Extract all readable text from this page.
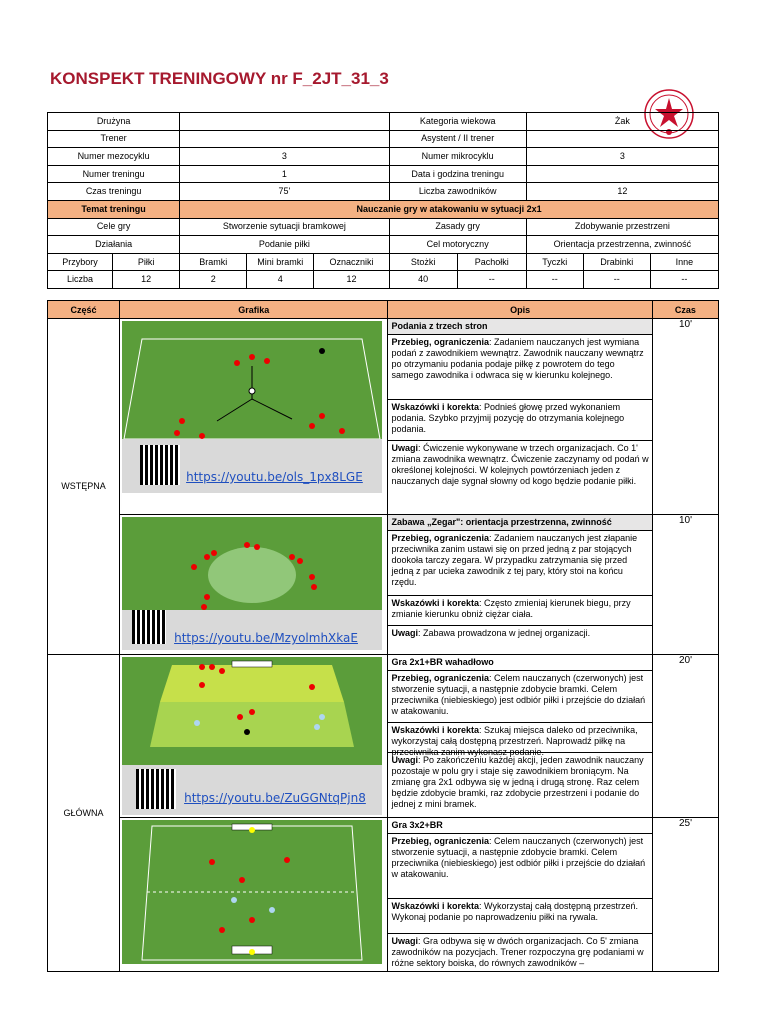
KONSPEKT TRENINGOWY nr F_2JT_31_3
Drużyna					Kategoria wiekowa		Żak		
Trener					Asystent / II trener				
Numer mezocyklu		3			Numer mikrocyklu		3		
Numer treningu		1			Data i godzina treningu				
Czas treningu		75'			Liczba zawodników		12		
Temat treningu		Nauczanie gry w atakowaniu w sytuacji 2x1							
Cele gry		Stworzenie sytuacji bramkowej			Zasady gry		Zdobywanie przestrzeni		
Działania		Podanie piłki			Cel motoryczny		Orientacja przestrzenna, zwinność		
Przybory	Piłki	Bramki	Mini bramki	Oznaczniki	Stożki	Pachołki	Tyczki	Drabinki	Inne
Liczba	12	2	4	12	40	--	--	--	--
Część	Grafika	Opis	Czas
WSTĘPNA	https://youtu.be/ols_1px8LGE	Podania z trzech stron
Przebieg, ograniczenia: Zadaniem nauczanych jest wymiana podań z zawodnikiem wewnątrz. Zawodnik nauczany wewnątrz po otrzymaniu podania podaje piłkę z powrotem do tego samego zawodnika i odwraca się w kierunku kolejnego.
Wskazówki i korekta: Podnieś głowę przed wykonaniem podania. Szybko przyjmij pozycję do otrzymania kolejnego podania.
Uwagi: Ćwiczenie wykonywane w trzech organizacjach. Co 1' zmiana zawodnika wewnątrz. Ćwiczenie zaczynamy od podań w określonej kolejności. W kolejnych powtórzeniach jeden z nauczanych daje sygnał słowny od kogo będzie podanie piłki.	10'

	https://youtu.be/MzyolmhXkaE	Zabawa „Zegar": orientacja przestrzenna, zwinność
Przebieg, ograniczenia: Zadaniem nauczanych jest złapanie przeciwnika zanim ustawi się on przed jedną z par stojących dookoła tarczy zegara. W przypadku zatrzymania się przed jedną z par ucieka zawodnik z tej pary, który stoi na końcu rzędu.
Wskazówki i korekta: Często zmieniaj kierunek biegu, przy zmianie kierunku obniż ciężar ciała.
Uwagi: Zabawa prowadzona w jednej organizacji.	10'
GŁÓWNA	https://youtu.be/ZuGGNtqPjn8	Gra 2x1+BR wahadłowo
Przebieg, ograniczenia: Celem nauczanych (czerwonych) jest stworzenie sytuacji, a następnie zdobycie bramki. Celem przeciwnika (niebieskiego) jest odbiór piłki i przejście do działań w atakowaniu.
Wskazówki i korekta: Szukaj miejsca daleko od przeciwnika, wykorzystaj całą dostępną przestrzeń. Naprowadź piłkę na przeciwnika zanim wykonasz podanie.
Uwagi: Po zakończeniu każdej akcji, jeden zawodnik nauczany pozostaje w polu gry i staje się zawodnikiem broniącym. Na zmianę gra 2x1 odbywa się w jedną i drugą stronę. Raz celem będzie zdobycie bramki, raz zdobycie przestrzeni i podanie do jednej z mini bramek.	20'

Gra 3x2+BR
Przebieg, ograniczenia: Celem nauczanych (czerwonych) jest stworzenie sytuacji, a następnie zdobycie bramki. Celem przeciwnika (niebieskiego) jest odbiór piłki i przejście do działań w atakowaniu.
Wskazówki i korekta: Wykorzystaj całą dostępną przestrzeń. Wykonaj podanie po naprowadzeniu piłki na rywala.
Uwagi: Gra odbywa się w dwóch organizacjach. Co 5' zmiana zawodników na pozycjach. Trener rozpoczyna grę podaniami w różne sektory boiska, do równych zawodników –	25'
